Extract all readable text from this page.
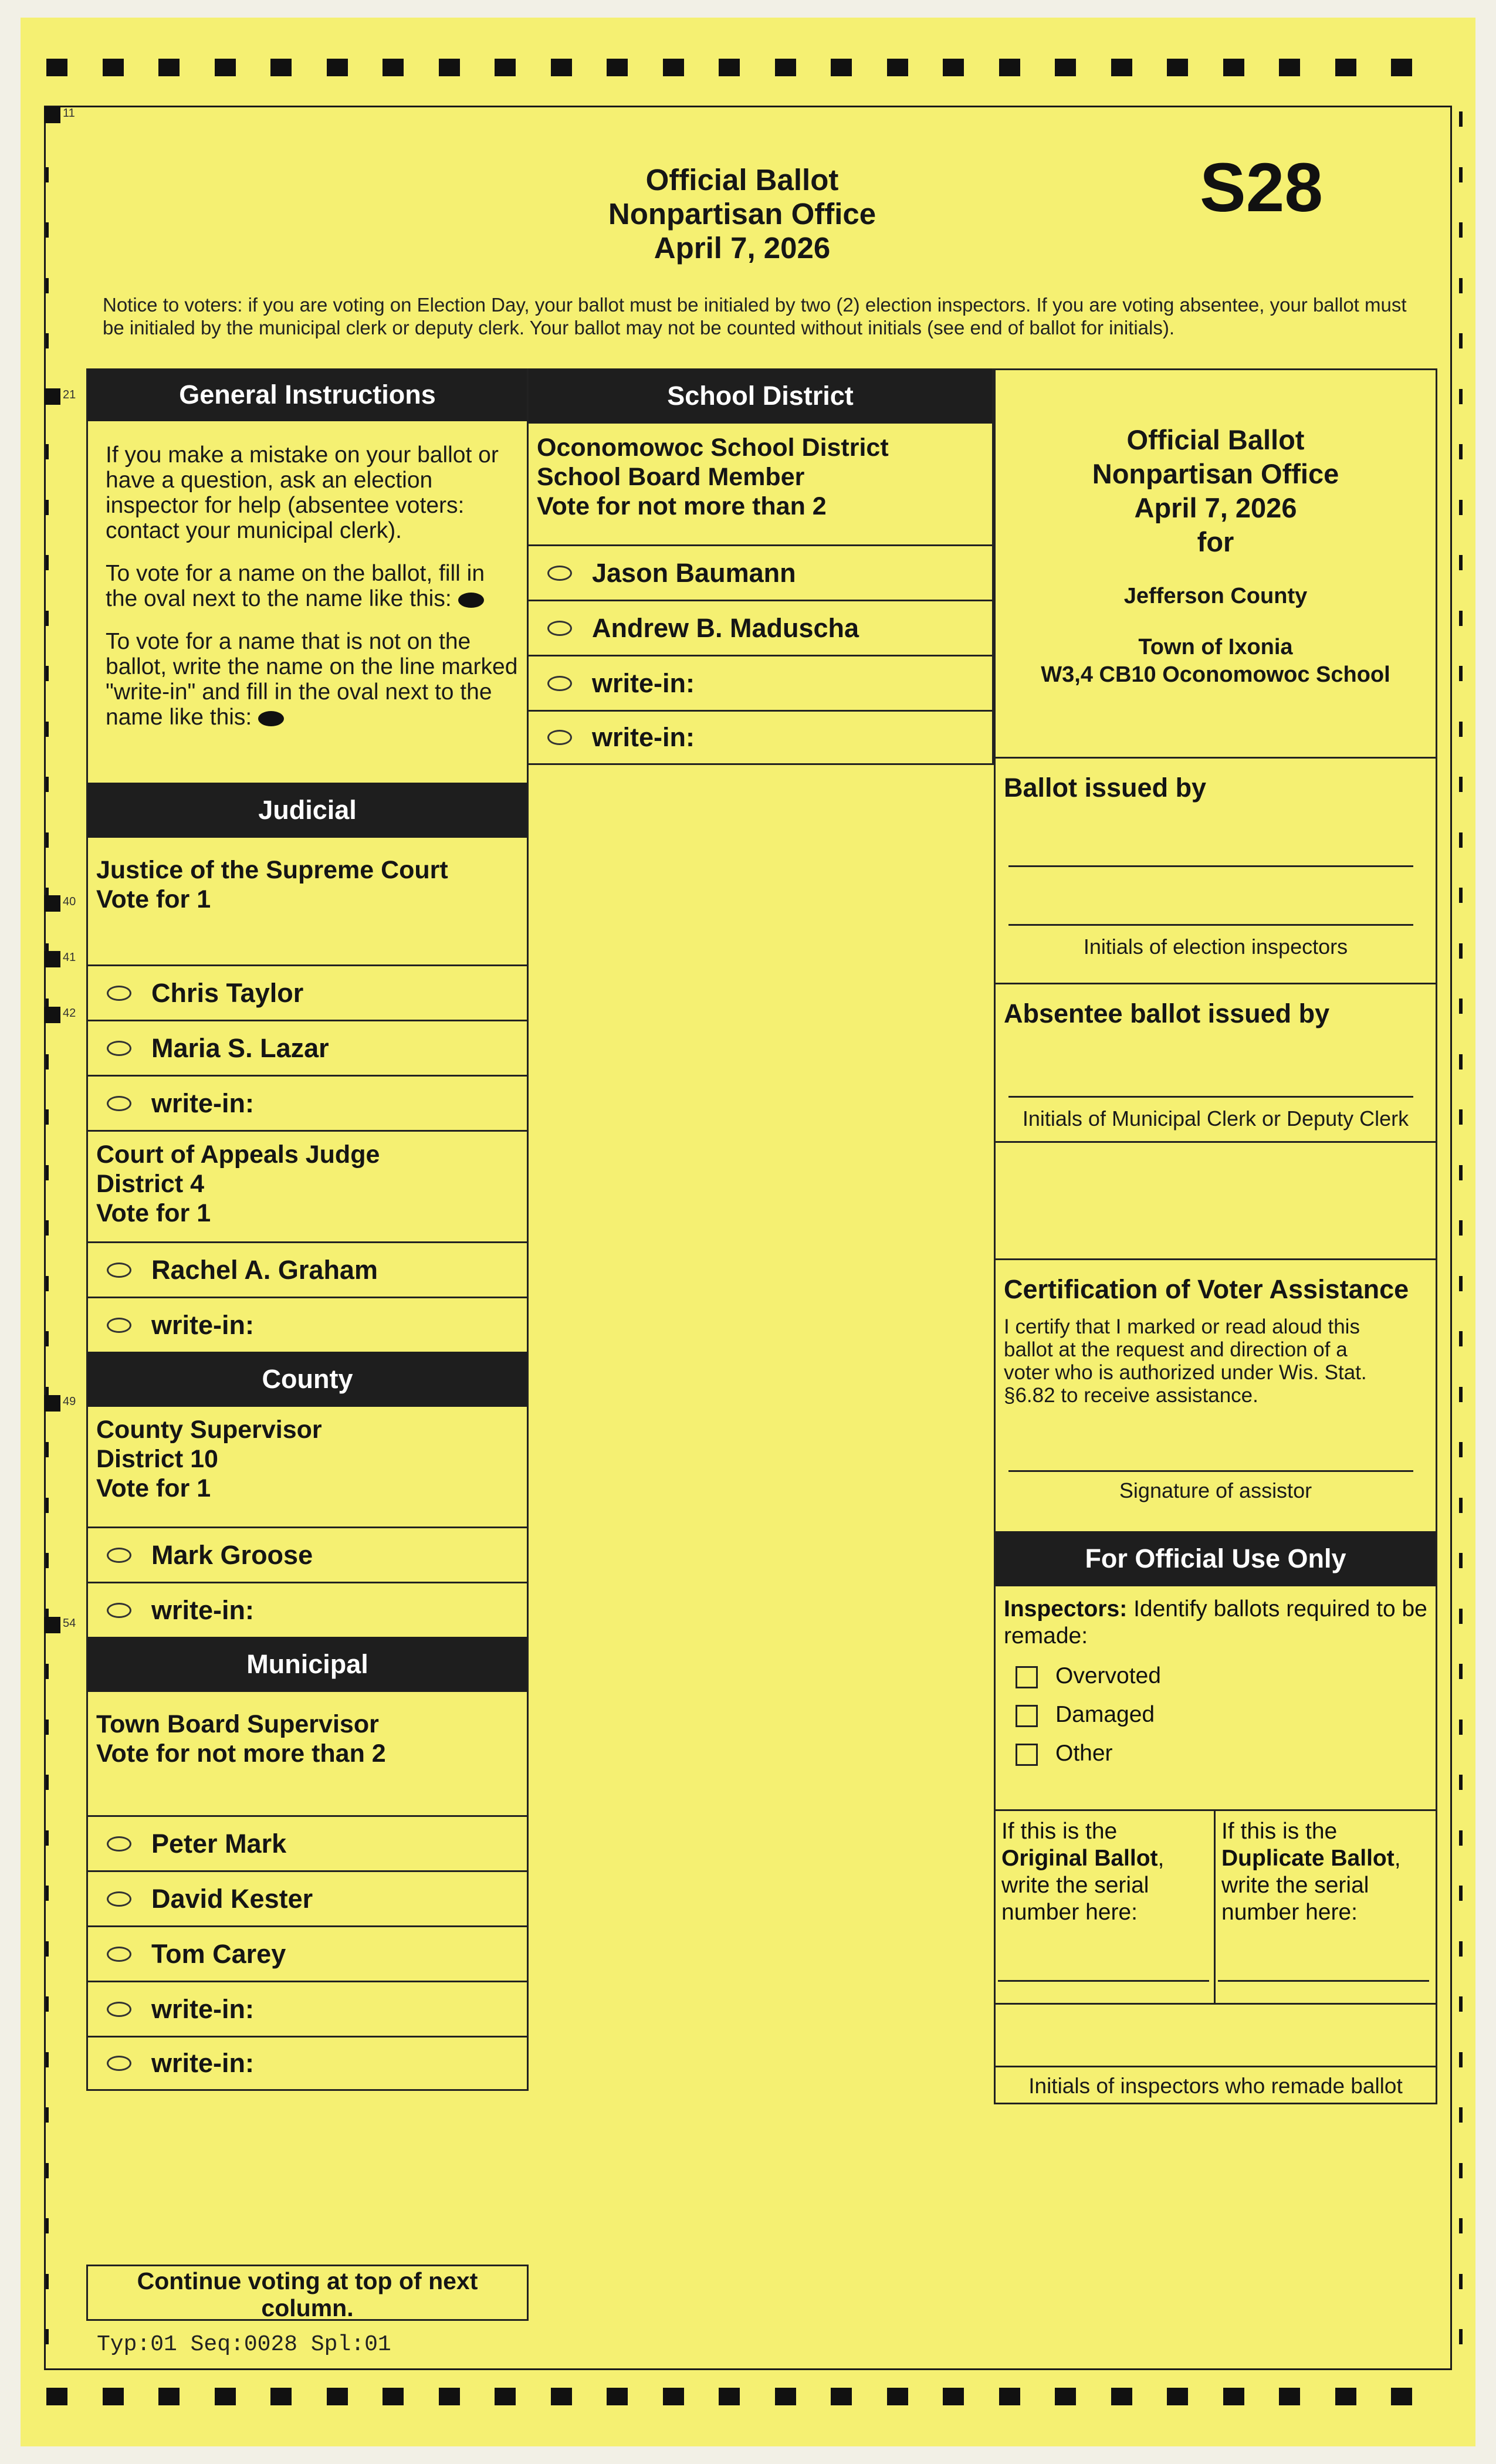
11
21
40
41
42
49
54
Official Ballot
Nonpartisan Office
April 7, 2026
S28
Notice to voters: if you are voting on Election Day, your ballot must be initialed by two (2) election inspectors. If you are voting absentee, your ballot must be initialed by the municipal clerk or deputy clerk. Your ballot may not be counted without initials (see end of ballot for initials).
General Instructions

If you make a mistake on your ballot or have a question, ask an election inspector for help (absentee voters: contact your municipal clerk).

To vote for a name on the ballot, fill in the oval next to the name like this:

To vote for a name that is not on the ballot, write the name on the line marked "write-in" and fill in the oval next to the name like this:

Judicial
Justice of the Supreme Court
Vote for 1
Chris Taylor
Maria S. Lazar
write-in:
Court of Appeals Judge
District 4
Vote for 1
Rachel A. Graham
write-in:
County
County Supervisor
District 10
Vote for 1
Mark Groose
write-in:
Municipal
Town Board Supervisor
Vote for not more than 2
Peter Mark
David Kester
Tom Carey
write-in:
write-in:
Continue voting at top of next column.
Typ:01 Seq:0028 Spl:01
School District
Oconomowoc School District
School Board Member
Vote for not more than 2
Jason Baumann
Andrew B. Maduscha
write-in:
write-in:
Official Ballot
Nonpartisan Office
April 7, 2026
for
Jefferson County
Town of Ixonia
W3,4 CB10 Oconomowoc School
Ballot issued by
Initials of election inspectors
Absentee ballot issued by
Initials of Municipal Clerk or Deputy Clerk
Certification of Voter Assistance
I certify that I marked or read aloud this ballot at the request and direction of a voter who is authorized under Wis. Stat. §6.82 to receive assistance.
Signature of assistor
For Official Use Only
Inspectors: Identify ballots required to be remade:
Overvoted
Damaged
Other
If this is the Original Ballot, write the serial number here:
If this is the Duplicate Ballot, write the serial number here:
Initials of inspectors who remade ballot
